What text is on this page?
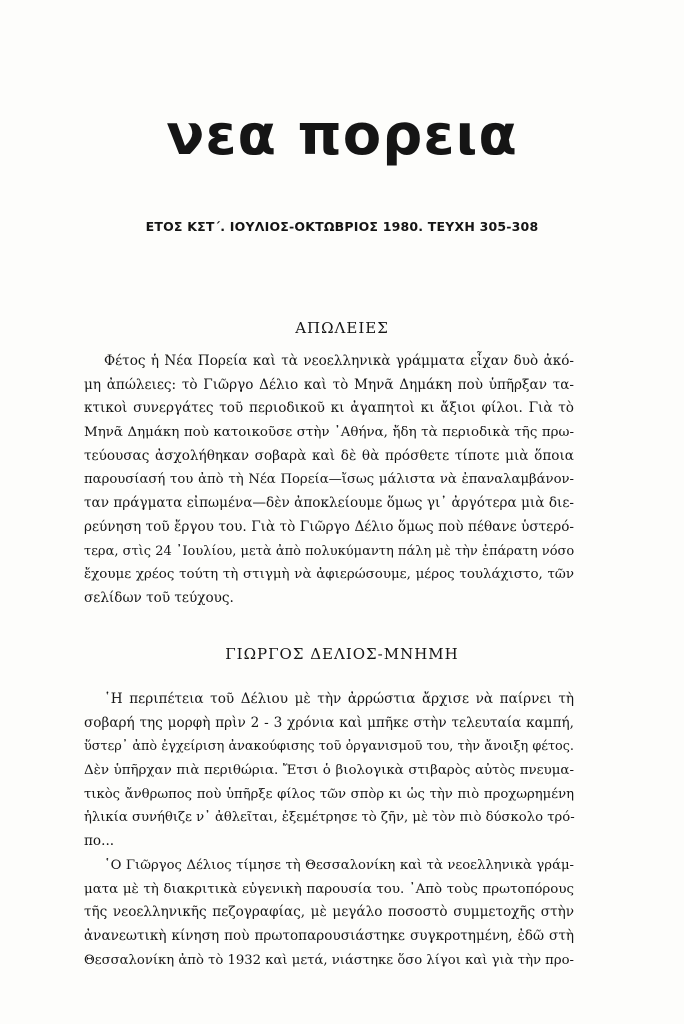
νεα πορεια
ΕΤΟΣ ΚΣΤ΄. ΙΟΥΛΙΟΣ-ΟΚΤΩΒΡΙΟΣ 1980. ΤΕΥΧΗ 305-308
ΑΠΩΛΕΙΕΣ
Φέτος ἡ Νέα Πορεία καὶ τὰ νεοελληνικὰ γράμματα εἶχαν δυὸ ἀκό-
μη ἀπώλειες: τὸ Γιῶργο Δέλιο καὶ τὸ Μηνᾶ Δημάκη ποὺ ὑπῆρξαν τα-
κτικοὶ συνεργάτες τοῦ περιοδικοῦ κι ἀγαπητοὶ κι ἄξιοι φίλοι. Γιὰ τὸ
Μηνᾶ Δημάκη ποὺ κατοικοῦσε στὴν ᾿Αθήνα, ἤδη τὰ περιοδικὰ τῆς πρω-
τεύουσας ἀσχολήθηκαν σοβαρὰ καὶ δὲ θὰ πρόσθετε τίποτε μιὰ ὅποια
παρουσίασή του ἀπὸ τὴ Νέα Πορεία—ἴσως μάλιστα νὰ ἐπαναλαμβάνον-
ταν πράγματα εἰπωμένα—δὲν ἀποκλείουμε ὅμως γι᾿ ἀργότερα μιὰ διε-
ρεύνηση τοῦ ἔργου του. Γιὰ τὸ Γιῶργο Δέλιο ὅμως ποὺ πέθανε ὑστερό-
τερα, στὶς 24 ᾿Ιουλίου, μετὰ ἀπὸ πολυκύμαντη πάλη μὲ τὴν ἐπάρατη νόσο
ἔχουμε χρέος τούτη τὴ στιγμὴ νὰ ἀφιερώσουμε, μέρος τουλάχιστο, τῶν
σελίδων τοῦ τεύχους.
ΓΙΩΡΓΟΣ ΔΕΛΙΟΣ-ΜΝΗΜΗ
῾Η περιπέτεια τοῦ Δέλιου μὲ τὴν ἀρρώστια ἄρχισε νὰ παίρνει τὴ
σοβαρή της μορφὴ πρὶν 2 - 3 χρόνια καὶ μπῆκε στὴν τελευταία καμπή,
ὕστερ᾿ ἀπὸ ἐγχείριση ἀνακούφισης τοῦ ὀργανισμοῦ του, τὴν ἄνοιξη φέτος.
Δὲν ὑπῆρχαν πιὰ περιθώρια. Ἔτσι ὁ βιολογικὰ στιβαρὸς αὐτὸς πνευμα-
τικὸς ἄνθρωπος ποὺ ὑπῆρξε φίλος τῶν σπὸρ κι ὡς τὴν πιὸ προχωρημένη
ἡλικία συνήθιζε ν᾿ ἀθλεῖται, ἐξεμέτρησε τὸ ζῆν, μὲ τὸν πιὸ δύσκολο τρό-
πο...
῾Ο Γιῶργος Δέλιος τίμησε τὴ Θεσσαλονίκη καὶ τὰ νεοελληνικὰ γράμ-
ματα μὲ τὴ διακριτικὰ εὐγενικὴ παρουσία του. ᾿Απὸ τοὺς πρωτοπόρους
τῆς νεοελληνικῆς πεζογραφίας, μὲ μεγάλο ποσοστὸ συμμετοχῆς στὴν
ἀνανεωτικὴ κίνηση ποὺ πρωτοπαρουσιάστηκε συγκροτημένη, ἐδῶ στὴ
Θεσσαλονίκη ἀπὸ τὸ 1932 καὶ μετά, νιάστηκε ὅσο λίγοι καὶ γιὰ τὴν προ-
